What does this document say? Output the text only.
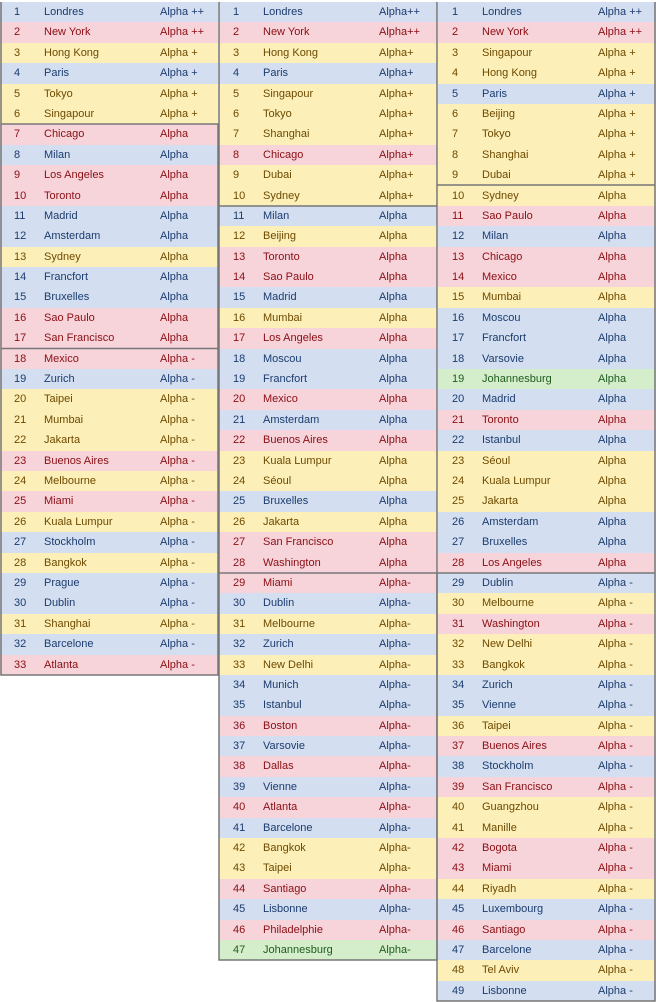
1 Londres	Alpha ++
2 New York	Alpha ++
3 Hong Kong	Alpha +
4 Paris	Alpha +
5 Tokyo	Alpha +
6 Singapour	Alpha +
7 Chicago	Alpha
8 Milan	Alpha
9 Los Angeles	Alpha
10 Toronto	Alpha
11 Madrid	Alpha
12 Amsterdam	Alpha
13 Sydney	Alpha
14 Francfort	Alpha
15 Bruxelles	Alpha
16 Sao Paulo	Alpha
17 San Francisco	Alpha
18 Mexico	Alpha -
19 Zurich	Alpha -
20 Taipei	Alpha -
21 Mumbai	Alpha -
22 Jakarta	Alpha -
23 Buenos Aires	Alpha -
24 Melbourne	Alpha -
25 Miami	Alpha -
26 Kuala Lumpur	Alpha -
27 Stockholm	Alpha -
28 Bangkok	Alpha -
29 Prague	Alpha -
30 Dublin	Alpha -
31 Shanghai	Alpha -
32 Barcelone	Alpha -
33 Atlanta	Alpha -
1 Londres	Alpha++
2 New York	Alpha++
3 Hong Kong	Alpha+
4 Paris	Alpha+
5 Singapour	Alpha+
6 Tokyo	Alpha+
7 Shanghai	Alpha+
8 Chicago	Alpha+
9 Dubai	Alpha+
10 Sydney	Alpha+
11 Milan	Alpha
12 Beijing	Alpha
13 Toronto	Alpha
14 Sao Paulo	Alpha
15 Madrid	Alpha
16 Mumbai	Alpha
17 Los Angeles	Alpha
18 Moscou	Alpha
19 Francfort	Alpha
20 Mexico	Alpha
21 Amsterdam	Alpha
22 Buenos Aires	Alpha
23 Kuala Lumpur	Alpha
24 Séoul	Alpha
25 Bruxelles	Alpha
26 Jakarta	Alpha
27 San Francisco	Alpha
28 Washington	Alpha
29 Miami	Alpha-
30 Dublin	Alpha-
31 Melbourne	Alpha-
32 Zurich	Alpha-
33 New Delhi	Alpha-
34 Munich	Alpha-
35 Istanbul	Alpha-
36 Boston	Alpha-
37 Varsovie	Alpha-
38 Dallas	Alpha-
39 Vienne	Alpha-
40 Atlanta	Alpha-
41 Barcelone	Alpha-
42 Bangkok	Alpha-
43 Taipei	Alpha-
44 Santiago	Alpha-
45 Lisbonne	Alpha-
46 Philadelphie	Alpha-
47 Johannesburg	Alpha-
1 Londres	Alpha ++
2 New York	Alpha ++
3 Singapour	Alpha +
4 Hong Kong	Alpha +
5 Paris	Alpha +
6 Beijing	Alpha +
7 Tokyo	Alpha +
8 Shanghai	Alpha +
9 Dubai	Alpha +
10 Sydney	Alpha
11 Sao Paulo	Alpha
12 Milan	Alpha
13 Chicago	Alpha
14 Mexico	Alpha
15 Mumbai	Alpha
16 Moscou	Alpha
17 Francfort	Alpha
18 Varsovie	Alpha
19 Johannesburg	Alpha
20 Madrid	Alpha
21 Toronto	Alpha
22 Istanbul	Alpha
23 Séoul	Alpha
24 Kuala Lumpur	Alpha
25 Jakarta	Alpha
26 Amsterdam	Alpha
27 Bruxelles	Alpha
28 Los Angeles	Alpha
29 Dublin	Alpha -
30 Melbourne	Alpha -
31 Washington	Alpha -
32 New Delhi	Alpha -
33 Bangkok	Alpha -
34 Zurich	Alpha -
35 Vienne	Alpha -
36 Taipei	Alpha -
37 Buenos Aires	Alpha -
38 Stockholm	Alpha -
39 San Francisco	Alpha -
40 Guangzhou	Alpha -
41 Manille	Alpha -
42 Bogota	Alpha -
43 Miami	Alpha -
44 Riyadh	Alpha -
45 Luxembourg	Alpha -
46 Santiago	Alpha -
47 Barcelone	Alpha -
48 Tel Aviv	Alpha -
49 Lisbonne	Alpha -
